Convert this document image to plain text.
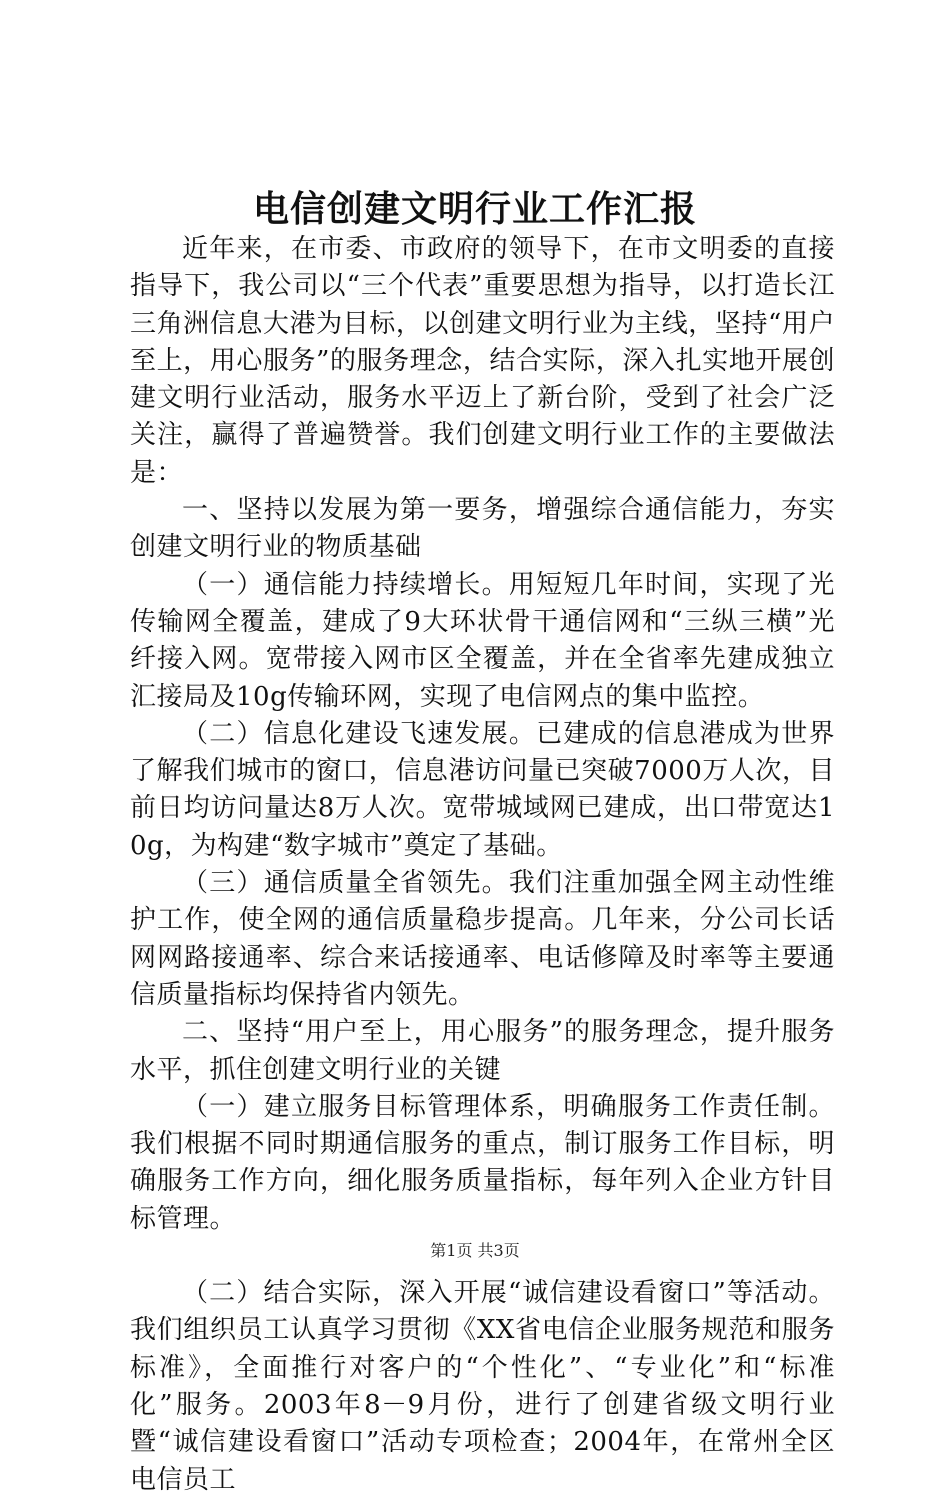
电信创建文明行业工作汇报

近年来，在市委、市政府的领导下，在市文明委的直接指导下，我公司以“三个代表”重要思想为指导，以打造长江三角洲信息大港为目标，以创建文明行业为主线，坚持“用户至上，用心服务”的服务理念，结合实际，深入扎实地开展创建文明行业活动，服务水平迈上了新台阶，受到了社会广泛关注，赢得了普遍赞誉。我们创建文明行业工作的主要做法是：

一、坚持以发展为第一要务，增强综合通信能力，夯实创建文明行业的物质基础

（一）通信能力持续增长。用短短几年时间，实现了光传输网全覆盖，建成了9大环状骨干通信网和“三纵三横”光纤接入网。宽带接入网市区全覆盖，并在全省率先建成独立汇接局及10g传输环网，实现了电信网点的集中监控。

（二）信息化建设飞速发展。已建成的信息港成为世界了解我们城市的窗口，信息港访问量已突破7000万人次，目前日均访问量达8万人次。宽带城域网已建成，出口带宽达10g，为构建“数字城市”奠定了基础。

（三）通信质量全省领先。我们注重加强全网主动性维护工作，使全网的通信质量稳步提高。几年来，分公司长话网网路接通率、综合来话接通率、电话修障及时率等主要通信质量指标均保持省内领先。

二、坚持“用户至上，用心服务”的服务理念，提升服务水平，抓住创建文明行业的关键

（一）建立服务目标管理体系，明确服务工作责任制。我们根据不同时期通信服务的重点，制订服务工作目标，明确服务工作方向，细化服务质量指标，每年列入企业方针目标管理。

（二）结合实际，深入开展“诚信建设看窗口”等活动。我们组织员工认真学习贯彻《XX省电信企业服务规范和服务标准》，全面推行对客户的“个性化”、“专业化”和“标准化”服务。2003年8－9月份，进行了创建省级文明行业暨“诚信建设看窗口”活动专项检查；2004年，在常州全区电信员工

第1页 共3页
